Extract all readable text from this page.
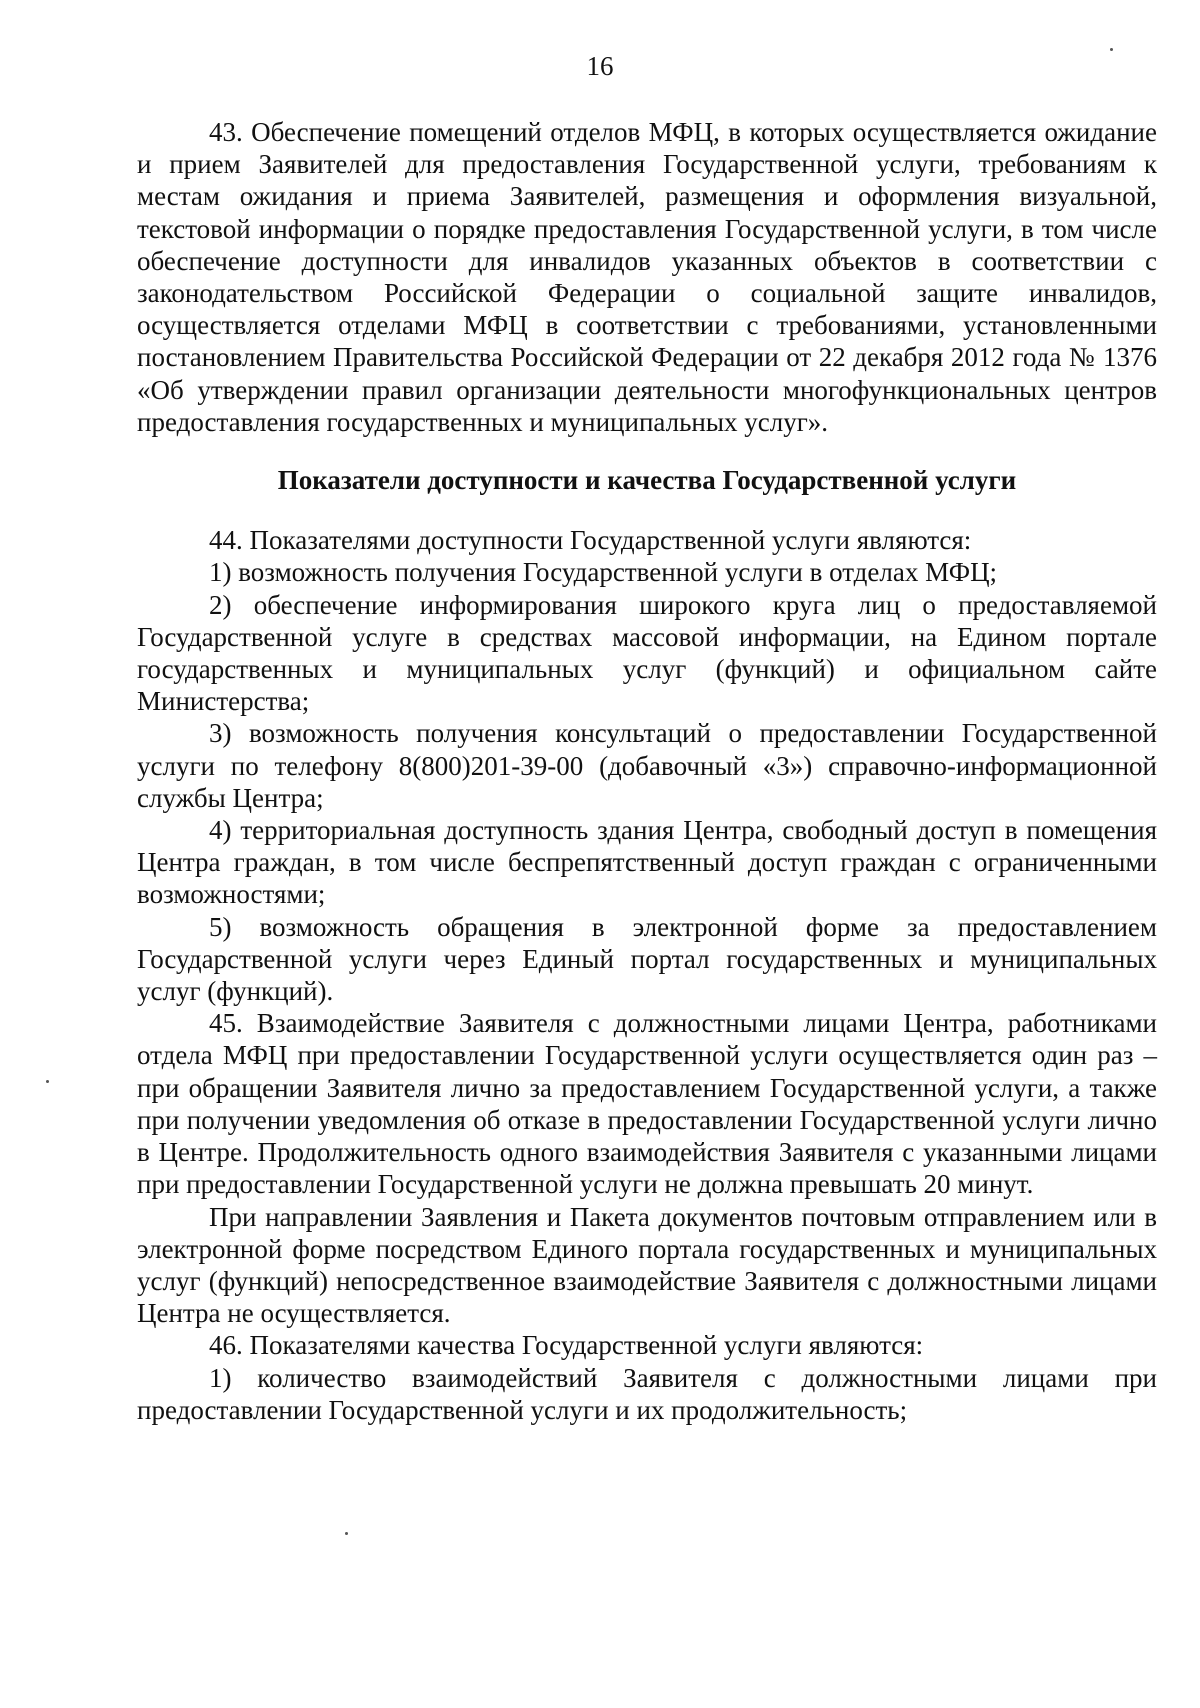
16

43. Обеспечение помещений отделов МФЦ, в которых осуществляется ожидание и прием Заявителей для предоставления Государственной услуги, требованиям к местам ожидания и приема Заявителей, размещения и оформления визуальной, текстовой информации о порядке предоставления Государственной услуги, в том числе обеспечение доступности для инвалидов указанных объектов в соответствии с законодательством Российской Федерации о социальной защите инвалидов, осуществляется отделами МФЦ в соответствии с требованиями, установленными постановлением Правительства Российской Федерации от 22 декабря 2012 года № 1376 «Об утверждении правил организации деятельности многофункциональных центров предоставления государственных и муниципальных услуг».

Показатели доступности и качества Государственной услуги

44. Показателями доступности Государственной услуги являются:

1) возможность получения Государственной услуги в отделах МФЦ;

2) обеспечение информирования широкого круга лиц о предоставляемой Государственной услуге в средствах массовой информации, на Едином портале государственных и муниципальных услуг (функций) и официальном сайте Министерства;

3) возможность получения консультаций о предоставлении Государственной услуги по телефону 8(800)201-39-00 (добавочный «3») справочно-информационной службы Центра;

4) территориальная доступность здания Центра, свободный доступ в помещения Центра граждан, в том числе беспрепятственный доступ граждан с ограниченными возможностями;

5) возможность обращения в электронной форме за предоставлением Государственной услуги через Единый портал государственных и муниципальных услуг (функций).

45. Взаимодействие Заявителя с должностными лицами Центра, работниками отдела МФЦ при предоставлении Государственной услуги осуществляется один раз – при обращении Заявителя лично за предоставлением Государственной услуги, а также при получении уведомления об отказе в предоставлении Государственной услуги лично в Центре. Продолжительность одного взаимодействия Заявителя с указанными лицами при предоставлении Государственной услуги не должна превышать 20 минут.

При направлении Заявления и Пакета документов почтовым отправлением или в электронной форме посредством Единого портала государственных и муниципальных услуг (функций) непосредственное взаимодействие Заявителя с должностными лицами Центра не осуществляется.

46. Показателями качества Государственной услуги являются:

1) количество взаимодействий Заявителя с должностными лицами при предоставлении Государственной услуги и их продолжительность;
